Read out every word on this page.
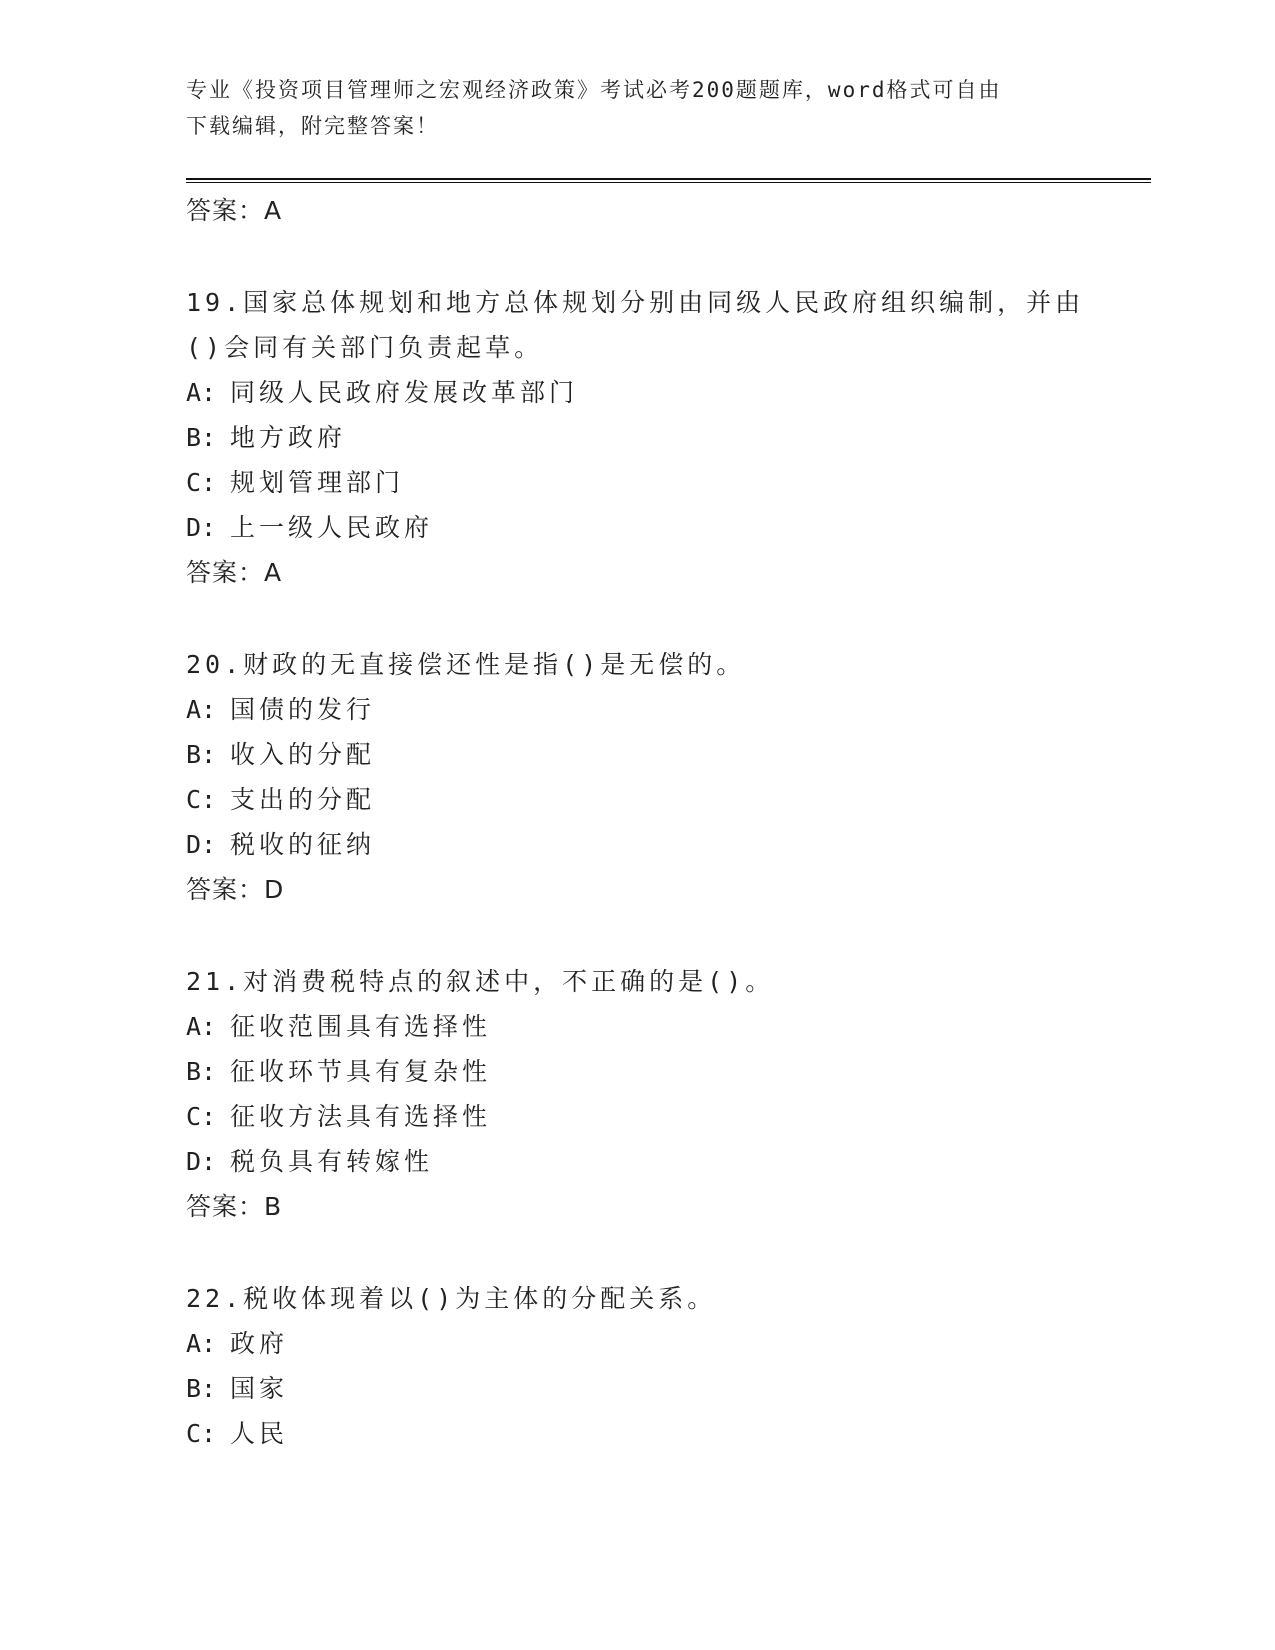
专业《投资项目管理师之宏观经济政策》考试必考200题题库，word格式可自由
下载编辑，附完整答案！
答案：A
19.国家总体规划和地方总体规划分别由同级人民政府组织编制，并由
()会同有关部门负责起草。
A: 同级人民政府发展改革部门
B: 地方政府
C: 规划管理部门
D: 上一级人民政府
答案：A
20.财政的无直接偿还性是指()是无偿的。
A: 国债的发行
B: 收入的分配
C: 支出的分配
D: 税收的征纳
答案：D
21.对消费税特点的叙述中，不正确的是()。
A: 征收范围具有选择性
B: 征收环节具有复杂性
C: 征收方法具有选择性
D: 税负具有转嫁性
答案：B
22.税收体现着以()为主体的分配关系。
A: 政府
B: 国家
C: 人民
